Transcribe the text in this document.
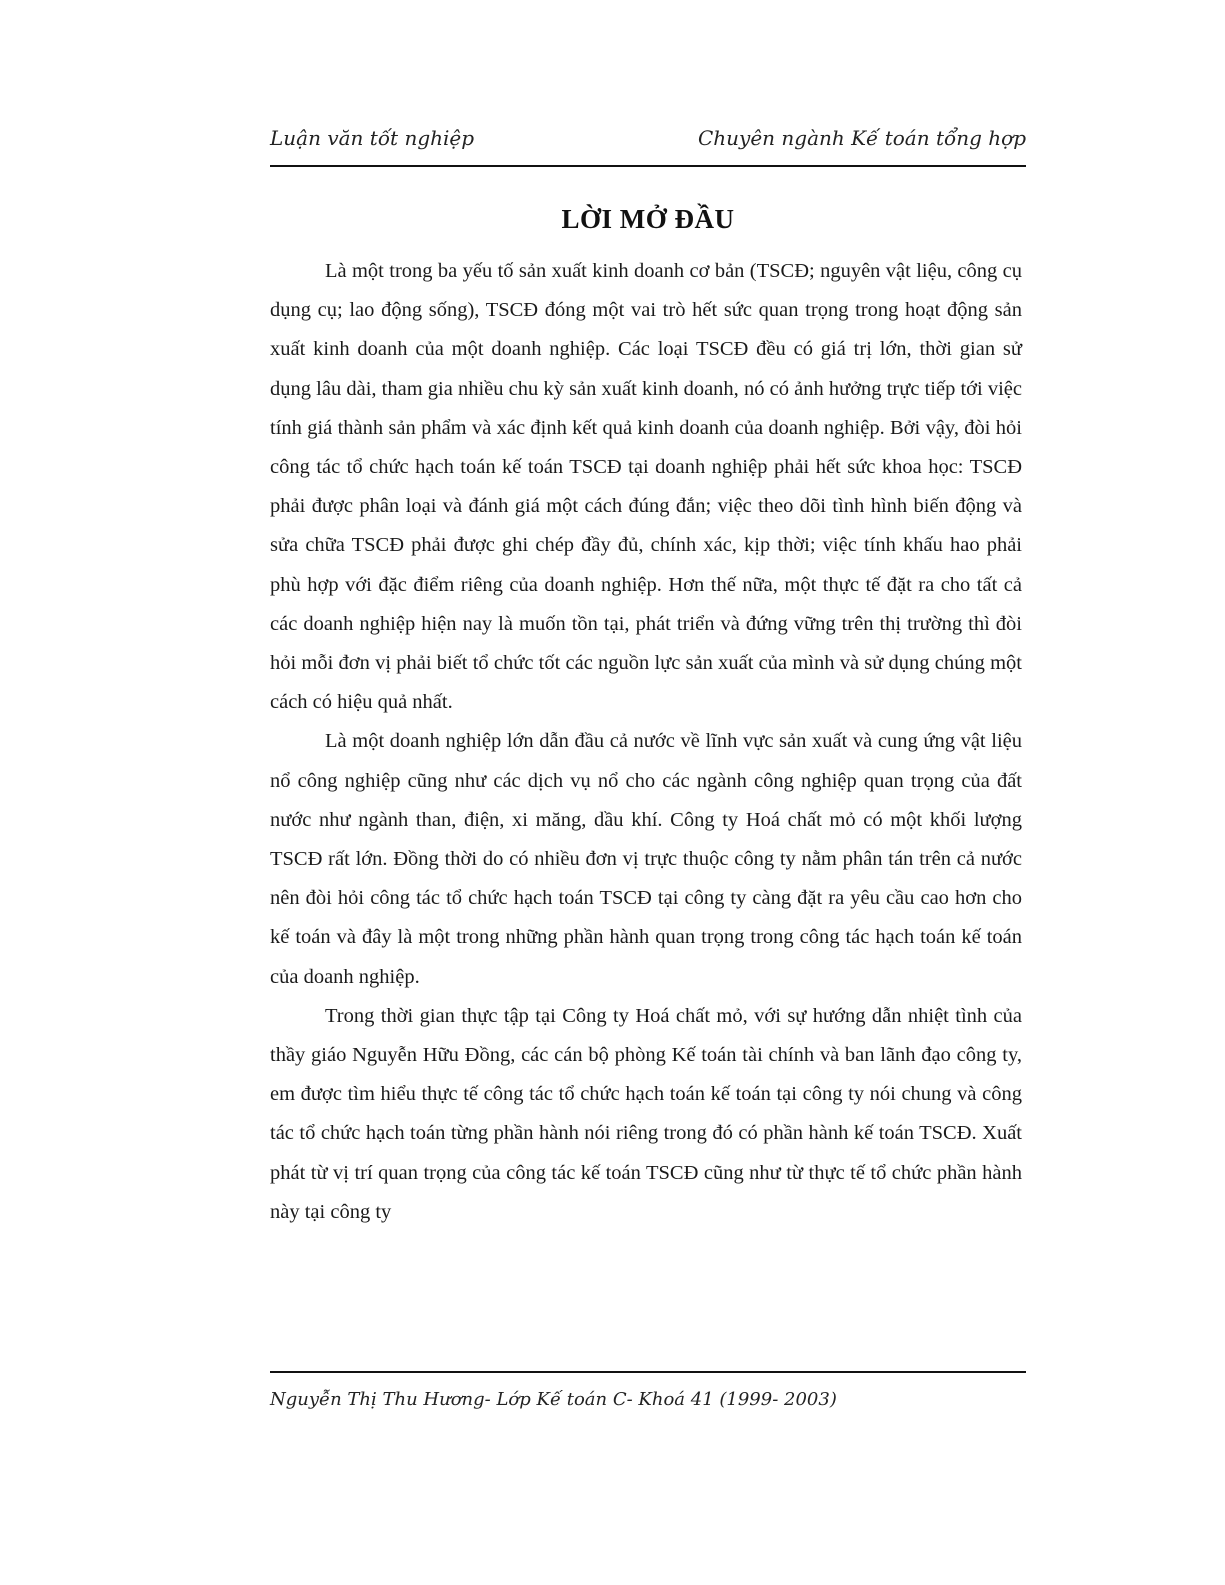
Luận văn tốt nghiệp	Chuyên ngành Kế toán tổng hợp
LỜI MỞ ĐẦU

Là một trong ba yếu tố sản xuất kinh doanh cơ bản (TSCĐ; nguyên vật liệu, công cụ dụng cụ; lao động sống), TSCĐ đóng một vai trò hết sức quan trọng trong hoạt động sản xuất kinh doanh của một doanh nghiệp. Các loại TSCĐ đều có giá trị lớn, thời gian sử dụng lâu dài, tham gia nhiều chu kỳ sản xuất kinh doanh, nó có ảnh hưởng trực tiếp tới việc tính giá thành sản phẩm và xác định kết quả kinh doanh của doanh nghiệp. Bởi vậy, đòi hỏi công tác tổ chức hạch toán kế toán TSCĐ tại doanh nghiệp phải hết sức khoa học: TSCĐ phải được phân loại và đánh giá một cách đúng đắn; việc theo dõi tình hình biến động và sửa chữa TSCĐ phải được ghi chép đầy đủ, chính xác, kịp thời; việc tính khấu hao phải phù hợp với đặc điểm riêng của doanh nghiệp. Hơn thế nữa, một thực tế đặt ra cho tất cả các doanh nghiệp hiện nay là muốn tồn tại, phát triển và đứng vững trên thị trường thì đòi hỏi mỗi đơn vị phải biết tổ chức tốt các nguồn lực sản xuất của mình và sử dụng chúng một cách có hiệu quả nhất.

Là một doanh nghiệp lớn dẫn đầu cả nước về lĩnh vực sản xuất và cung ứng vật liệu nổ công nghiệp cũng như các dịch vụ nổ cho các ngành công nghiệp quan trọng của đất nước như ngành than, điện, xi măng, dầu khí. Công ty Hoá chất mỏ có một khối lượng TSCĐ rất lớn. Đồng thời do có nhiều đơn vị trực thuộc công ty nằm phân tán trên cả nước nên đòi hỏi công tác tổ chức hạch toán TSCĐ tại công ty càng đặt ra yêu cầu cao hơn cho kế toán và đây là một trong những phần hành quan trọng trong công tác hạch toán kế toán của doanh nghiệp.

Trong thời gian thực tập tại Công ty Hoá chất mỏ, với sự hướng dẫn nhiệt tình của thầy giáo Nguyễn Hữu Đồng, các cán bộ phòng Kế toán tài chính và ban lãnh đạo công ty, em được tìm hiểu thực tế công tác tổ chức hạch toán kế toán tại công ty nói chung và công tác tổ chức hạch toán từng phần hành nói riêng trong đó có phần hành kế toán TSCĐ. Xuất phát từ vị trí quan trọng của công tác kế toán TSCĐ cũng như từ thực tế tổ chức phần hành này tại công ty

Nguyễn Thị Thu Hương- Lớp Kế toán C- Khoá 41 (1999- 2003)
